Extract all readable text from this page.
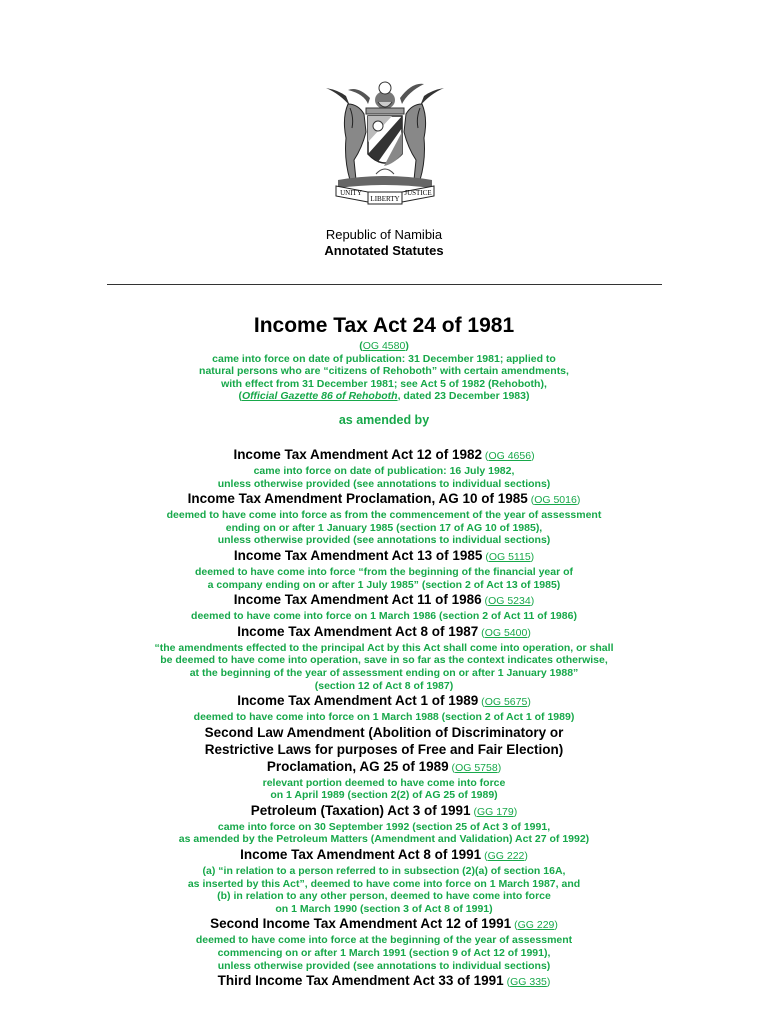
UNITY
LIBERTY
JUSTICE
Republic of Namibia
Annotated Statutes
Income Tax Act 24 of 1981
(OG 4580)
came into force on date of publication: 31 December 1981; applied to
natural persons who are “citizens of Rehoboth” with certain amendments,
with effect from 31 December 1981; see Act 5 of 1982 (Rehoboth),
(Official Gazette 86 of Rehoboth, dated 23 December 1983)
as amended by
Income Tax Amendment Act 12 of 1982 (OG 4656)
came into force on date of publication: 16 July 1982,
unless otherwise provided (see annotations to individual sections)
Income Tax Amendment Proclamation, AG 10 of 1985 (OG 5016)
deemed to have come into force as from the commencement of the year of assessment
ending on or after 1 January 1985 (section 17 of AG 10 of 1985),
unless otherwise provided (see annotations to individual sections)
Income Tax Amendment Act 13 of 1985 (OG 5115)
deemed to have come into force “from the beginning of the financial year of
a company ending on or after 1 July 1985” (section 2 of Act 13 of 1985)
Income Tax Amendment Act 11 of 1986 (OG 5234)
deemed to have come into force on 1 March 1986 (section 2 of Act 11 of 1986)
Income Tax Amendment Act 8 of 1987 (OG 5400)
“the amendments effected to the principal Act by this Act shall come into operation, or shall
be deemed to have come into operation, save in so far as the context indicates otherwise,
at the beginning of the year of assessment ending on or after 1 January 1988”
(section 12 of Act 8 of 1987)
Income Tax Amendment Act 1 of 1989 (OG 5675)
deemed to have come into force on 1 March 1988 (section 2 of Act 1 of 1989)
Second Law Amendment (Abolition of Discriminatory or
Restrictive Laws for purposes of Free and Fair Election)
Proclamation, AG 25 of 1989 (OG 5758)
relevant portion deemed to have come into force
on 1 April 1989 (section 2(2) of AG 25 of 1989)
Petroleum (Taxation) Act 3 of 1991 (GG 179)
came into force on 30 September 1992 (section 25 of Act 3 of 1991,
as amended by the Petroleum Matters (Amendment and Validation) Act 27 of 1992)
Income Tax Amendment Act 8 of 1991 (GG 222)
(a) “in relation to a person referred to in subsection (2)(a) of section 16A,
as inserted by this Act”, deemed to have come into force on 1 March 1987, and
(b) in relation to any other person, deemed to have come into force
on 1 March 1990 (section 3 of Act 8 of 1991)
Second Income Tax Amendment Act 12 of 1991 (GG 229)
deemed to have come into force at the beginning of the year of assessment
commencing on or after 1 March 1991 (section 9 of Act 12 of 1991),
unless otherwise provided (see annotations to individual sections)
Third Income Tax Amendment Act 33 of 1991 (GG 335)
